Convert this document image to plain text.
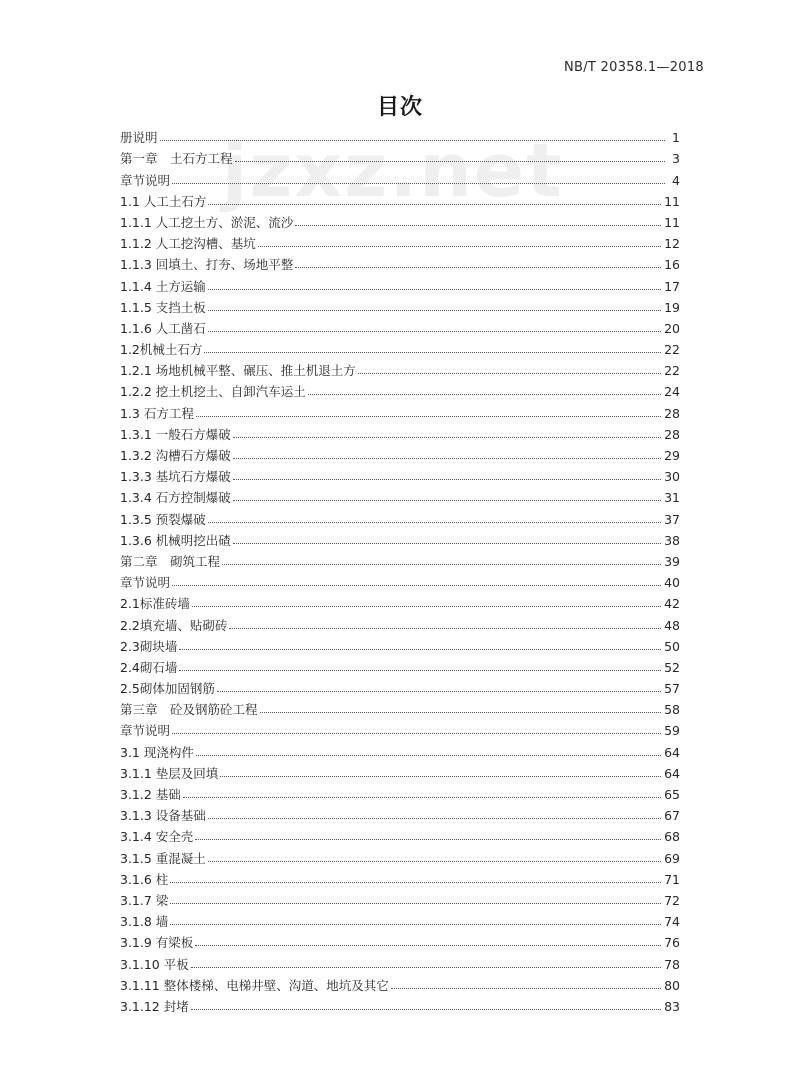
NB/T 20358.1—2018
目次
jzxz.net
册说明	1
第一章　土石方工程	3
章节说明	4
1.1 人工土石方	11
1.1.1 人工挖土方、淤泥、流沙	11
1.1.2 人工挖沟槽、基坑	12
1.1.3 回填土、打夯、场地平整	16
1.1.4 土方运输	17
1.1.5 支挡土板	19
1.1.6 人工凿石	20
1.2机械土石方	22
1.2.1 场地机械平整、碾压、推土机退土方	22
1.2.2 挖土机挖土、自卸汽车运土	24
1.3 石方工程	28
1.3.1 一般石方爆破	28
1.3.2 沟槽石方爆破	29
1.3.3 基坑石方爆破	30
1.3.4 石方控制爆破	31
1.3.5 预裂爆破	37
1.3.6 机械明挖出碴	38
第二章　砌筑工程	39
章节说明	40
2.1标准砖墙	42
2.2填充墙、贴砌砖	48
2.3砌块墙	50
2.4砌石墙	52
2.5砌体加固钢筋	57
第三章　砼及钢筋砼工程	58
章节说明	59
3.1 现浇构件	64
3.1.1 垫层及回填	64
3.1.2 基础	65
3.1.3 设备基础	67
3.1.4 安全壳	68
3.1.5 重混凝土	69
3.1.6 柱	71
3.1.7 梁	72
3.1.8 墙	74
3.1.9 有梁板	76
3.1.10 平板	78
3.1.11 整体楼梯、电梯井壁、沟道、地坑及其它	80
3.1.12 封堵	83
